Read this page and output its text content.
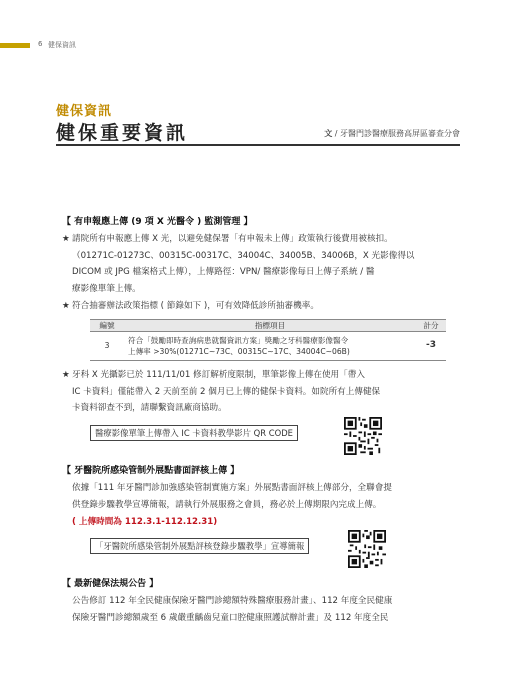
6 健保資訊
健保資訊
健保重要資訊	文 / 牙醫門診醫療服務高屏區審查分會
【 有申報應上傳 (9 項 X 光醫令 ) 監測管理 】
★ 請院所有申報應上傳 X 光，以避免健保署「有申報未上傳」政策執行後費用被核扣。
（01271C-01273C、00315C-00317C、34004C、34005B、34006B，X 光影像得以
DICOM 或 JPG 檔案格式上傳），上傳路徑：VPN/ 醫療影像每日上傳子系統 / 醫
療影像單筆上傳。
★ 符合抽審辦法政策指標 ( 節錄如下 )，可有效降低診所抽審機率。
編號	指標項目	計分
3	符合「鼓勵即時查詢病患就醫資訊方案」獎勵之牙科醫療影像醫令
上傳率 >30%(01271C~73C、00315C~17C、34004C~06B)	-3
★ 牙科 X 光攝影已於 111/11/01 修訂解析度限制，單筆影像上傳在使用「帶入
IC 卡資料」僅能帶入 2 天前至前 2 個月已上傳的健保卡資料。如院所有上傳健保
卡資料卻查不到，請聯繫資訊廠商協助。
醫療影像單筆上傳帶入 IC 卡資料教學影片 QR CODE
【 牙醫院所感染管制外展點書面評核上傳 】
依據「111 年牙醫門診加強感染管制實施方案」外展點書面評核上傳部分，全聯會提
供登錄步驟教學宣導簡報，請執行外展服務之會員，務必於上傳期限內完成上傳。
( 上傳時間為 112.3.1-112.12.31)
「牙醫院所感染管制外展點評核登錄步驟教學」宣導簡報
【 最新健保法規公告 】
公告修訂 112 年全民健康保險牙醫門診總額特殊醫療服務計畫」、112 年度全民健康
保險牙醫門診總額歲至 6 歲嚴重齲齒兒童口腔健康照護試辦計畫」及 112 年度全民
